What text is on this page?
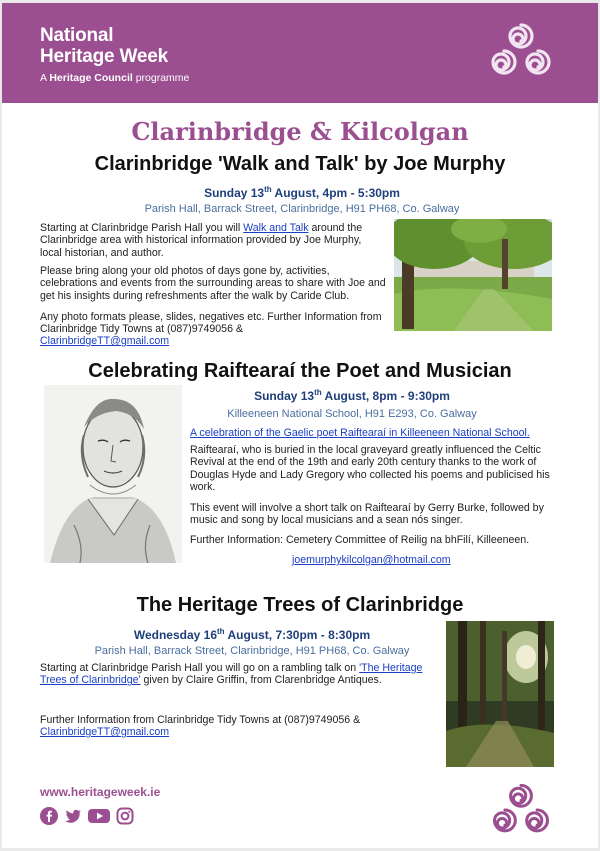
National
Heritage Week
A Heritage Council programme
Clarinbridge & Kilcolgan
Clarinbridge 'Walk and Talk' by Joe Murphy
Sunday 13th August, 4pm - 5:30pm
Parish Hall, Barrack Street, Clarinbridge, H91 PH68, Co. Galway
Starting at Clarinbridge Parish Hall you will Walk and Talk around the Clarinbridge area with historical information provided by Joe Murphy, local historian, and author.
Please bring along your old photos of days gone by, activities, celebrations and events from the surrounding areas to share with Joe and get his insights during refreshments after the walk by Caride Club.
Any photo formats please, slides, negatives etc. Further Information from Clarinbridge Tidy Towns at (087)9749056 &
ClarinbridgeTT@gmail.com
Celebrating Raiftearaí the Poet and Musician
Sunday 13th August, 8pm - 9:30pm
Killeeneen National School, H91 E293, Co. Galway
A celebration of the Gaelic poet Raiftearaí in Killeeneen National School.
Raiftearaí, who is buried in the local graveyard greatly influenced the Celtic Revival at the end of the 19th and early 20th century thanks to the work of Douglas Hyde and Lady Gregory who collected his poems and publicised his work.
This event will involve a short talk on Raiftearaí by Gerry Burke, followed by music and song by local musicians and a sean nós singer.
Further Information: Cemetery Committee of Reilig na bhFilí, Killeeneen.
joemurphykilcolgan@hotmail.com
The Heritage Trees of Clarinbridge
Wednesday 16th August, 7:30pm - 8:30pm
Parish Hall, Barrack Street, Clarinbridge, H91 PH68, Co. Galway
Starting at Clarinbridge Parish Hall you will go on a rambling talk on 'The Heritage Trees of Clarinbridge' given by Claire Griffin, from Clarenbridge Antiques.
Further Information from Clarinbridge Tidy Towns at (087)9749056 &
ClarinbridgeTT@gmail.com
www.heritageweek.ie
